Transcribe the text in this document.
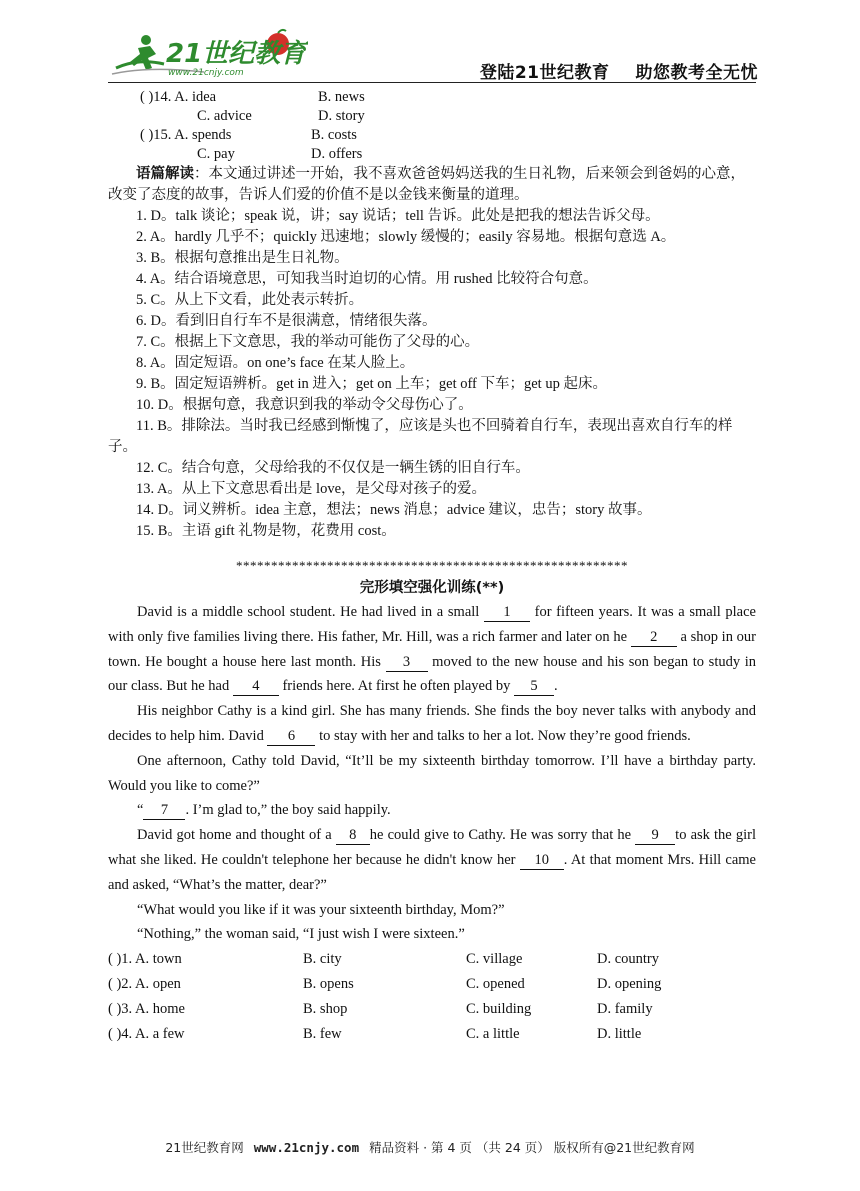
21世纪教育
www.21cnjy.com	登陆21世纪教育 助您教考全无忧
( )14. A. idea	B. news
C. advice	D. story
( )15. A. spends	B. costs
C. pay	D. offers
语篇解读：本文通过讲述一开始，我不喜欢爸爸妈妈送我的生日礼物，后来领会到爸妈的心意，改变了态度的故事，告诉人们爱的价值不是以金钱来衡量的道理。
1. D。talk 谈论；speak 说，讲；say 说话；tell 告诉。此处是把我的想法告诉父母。
2. A。hardly 几乎不；quickly 迅速地；slowly 缓慢的；easily 容易地。根据句意选 A。
3. B。根据句意推出是生日礼物。
4. A。结合语境意思，可知我当时迫切的心情。用 rushed 比较符合句意。
5. C。从上下文看，此处表示转折。
6. D。看到旧自行车不是很满意，情绪很失落。
7. C。根据上下文意思，我的举动可能伤了父母的心。
8. A。固定短语。on one’s face 在某人脸上。
9. B。固定短语辨析。get in 进入；get on 上车；get off 下车；get up 起床。
10. D。根据句意，我意识到我的举动令父母伤心了。
11. B。排除法。当时我已经感到惭愧了，应该是头也不回骑着自行车，表现出喜欢自行车的样子。
12. C。结合句意，父母给我的不仅仅是一辆生锈的旧自行车。
13. A。从上下文意思看出是 love，是父母对孩子的爱。
14. D。词义辨析。idea 主意，想法；news 消息；advice 建议，忠告；story 故事。
15. B。主语 gift 礼物是物，花费用 cost。
********************************************************
完形填空强化训练(**)

David is a middle school student. He had lived in a small 1 for fifteen years. It was a small place with only five families living there. His father, Mr. Hill, was a rich farmer and later on he 2 a shop in our town. He bought a house here last month. His 3 moved to the new house and his son began to study in our class. But he had 4 friends here. At first he often played by 5 .

His neighbor Cathy is a kind girl. She has many friends. She finds the boy never talks with anybody and decides to help him. David 6 to stay with her and talks to her a lot. Now they’re good friends.

One afternoon, Cathy told David, “It’ll be my sixteenth birthday tomorrow. I’ll have a birthday party. Would you like to come?”

“ 7 . I’m glad to,” the boy said happily.

David got home and thought of a 8 he could give to Cathy. He was sorry that he 9 to ask the girl what she liked. He couldn't telephone her because he didn't know her 10 . At that moment Mrs. Hill came and asked, “What’s the matter, dear?”

“What would you like if it was your sixteenth birthday, Mom?”

“Nothing,” the woman said, “I just wish I were sixteen.”

( )1. A. town	B. city	C. village	D. country
( )2. A. open	B. opens	C. opened	D. opening
( )3. A. home	B. shop	C. building	D. family
( )4. A. a few	B. few	C. a little	D. little
21世纪教育网 www.21cnjy.com 精品资料 · 第 4 页 （共 24 页） 版权所有@21世纪教育网
